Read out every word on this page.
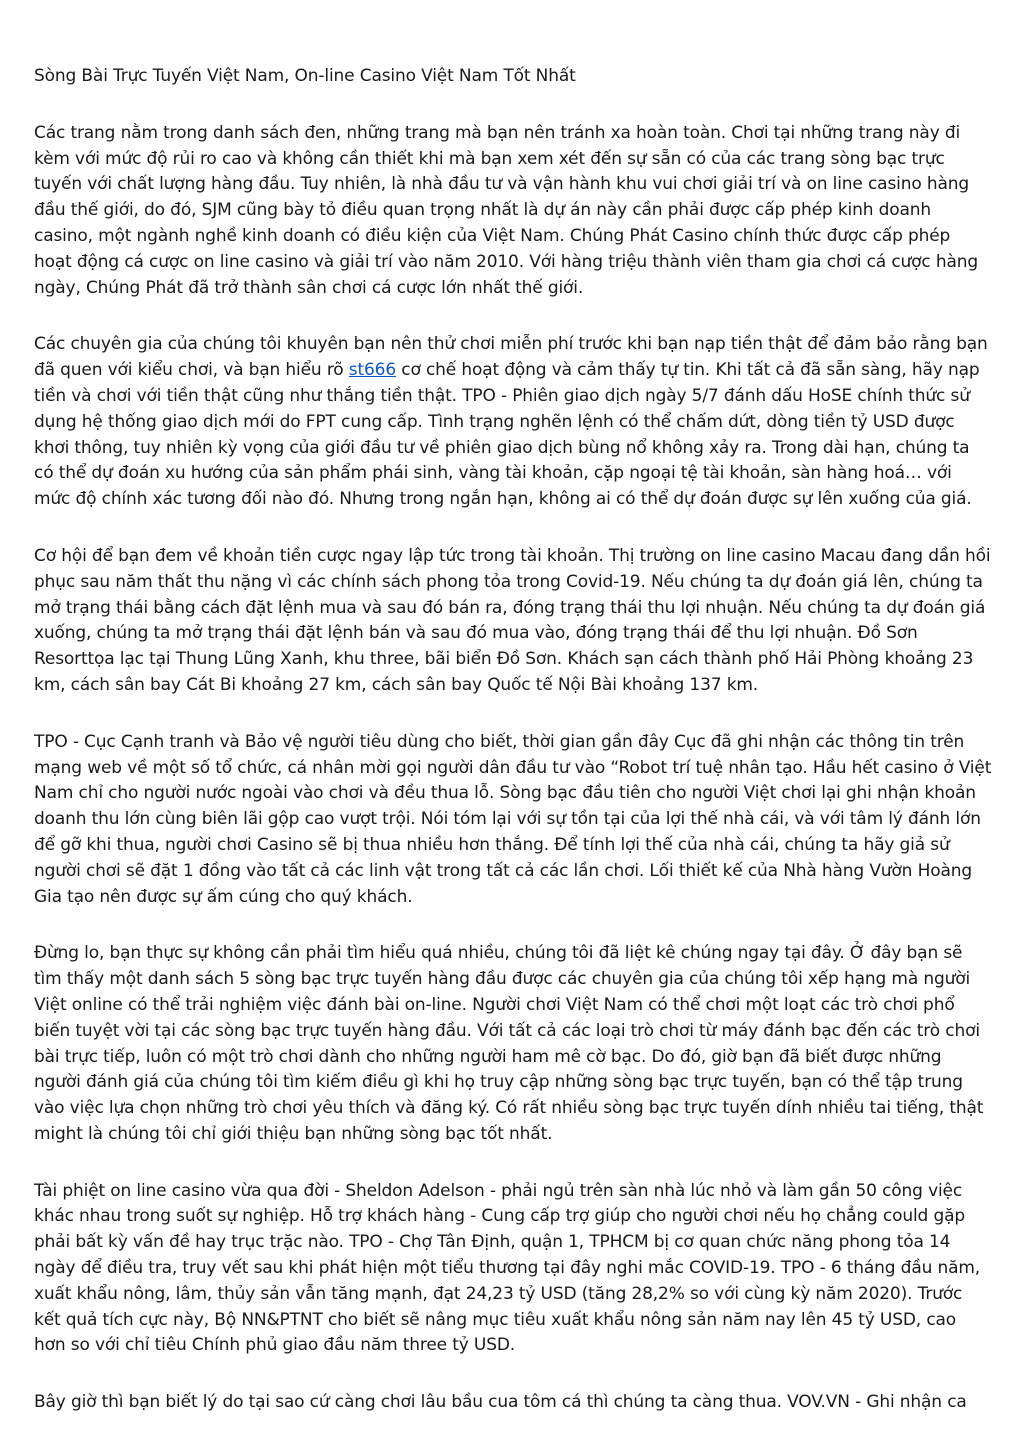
Sòng Bài Trực Tuyến Việt Nam, On-line Casino Việt Nam Tốt Nhất

Các trang nằm trong danh sách đen, những trang mà bạn nên tránh xa hoàn toàn. Chơi tại những trang này đi kèm với mức độ rủi ro cao và không cần thiết khi mà bạn xem xét đến sự sẵn có của các trang sòng bạc trực tuyến với chất lượng hàng đầu. Tuy nhiên, là nhà đầu tư và vận hành khu vui chơi giải trí và on line casino hàng đầu thế giới, do đó, SJM cũng bày tỏ điều quan trọng nhất là dự án này cần phải được cấp phép kinh doanh casino, một ngành nghề kinh doanh có điều kiện của Việt Nam. Chúng Phát Casino chính thức được cấp phép hoạt động cá cược on line casino và giải trí vào năm 2010. Với hàng triệu thành viên tham gia chơi cá cược hàng ngày, Chúng Phát đã trở thành sân chơi cá cược lớn nhất thế giới.

Các chuyên gia của chúng tôi khuyên bạn nên thử chơi miễn phí trước khi bạn nạp tiền thật để đảm bảo rằng bạn đã quen với kiểu chơi, và bạn hiểu rõ st666 cơ chế hoạt động và cảm thấy tự tin. Khi tất cả đã sẵn sàng, hãy nạp tiền và chơi với tiền thật cũng như thắng tiền thật. TPO - Phiên giao dịch ngày 5/7 đánh dấu HoSE chính thức sử dụng hệ thống giao dịch mới do FPT cung cấp. Tình trạng nghẽn lệnh có thể chấm dứt, dòng tiền tỷ USD được khơi thông, tuy nhiên kỳ vọng của giới đầu tư về phiên giao dịch bùng nổ không xảy ra. Trong dài hạn, chúng ta có thể dự đoán xu hướng của sản phẩm phái sinh, vàng tài khoản, cặp ngoại tệ tài khoản, sàn hàng hoá… với mức độ chính xác tương đối nào đó. Nhưng trong ngắn hạn, không ai có thể dự đoán được sự lên xuống của giá.

Cơ hội để bạn đem về khoản tiền cược ngay lập tức trong tài khoản. Thị trường on line casino Macau đang dần hồi phục sau năm thất thu nặng vì các chính sách phong tỏa trong Covid-19. Nếu chúng ta dự đoán giá lên, chúng ta mở trạng thái bằng cách đặt lệnh mua và sau đó bán ra, đóng trạng thái thu lợi nhuận. Nếu chúng ta dự đoán giá xuống, chúng ta mở trạng thái đặt lệnh bán và sau đó mua vào, đóng trạng thái để thu lợi nhuận. Đồ Sơn Resorttọa lạc tại Thung Lũng Xanh, khu three, bãi biển Đồ Sơn. Khách sạn cách thành phố Hải Phòng khoảng 23 km, cách sân bay Cát Bi khoảng 27 km, cách sân bay Quốc tế Nội Bài khoảng 137 km.

TPO - Cục Cạnh tranh và Bảo vệ người tiêu dùng cho biết, thời gian gần đây Cục đã ghi nhận các thông tin trên mạng web về một số tổ chức, cá nhân mời gọi người dân đầu tư vào “Robot trí tuệ nhân tạo. Hầu hết casino ở Việt Nam chỉ cho người nước ngoài vào chơi và đều thua lỗ. Sòng bạc đầu tiên cho người Việt chơi lại ghi nhận khoản doanh thu lớn cùng biên lãi gộp cao vượt trội. Nói tóm lại với sự tồn tại của lợi thế nhà cái, và với tâm lý đánh lớn để gỡ khi thua, người chơi Casino sẽ bị thua nhiều hơn thắng. Để tính lợi thế của nhà cái, chúng ta hãy giả sử người chơi sẽ đặt 1 đồng vào tất cả các linh vật trong tất cả các lần chơi. Lối thiết kế của Nhà hàng Vườn Hoàng Gia tạo nên được sự ấm cúng cho quý khách.

Đừng lo, bạn thực sự không cần phải tìm hiểu quá nhiều, chúng tôi đã liệt kê chúng ngay tại đây. Ở đây bạn sẽ tìm thấy một danh sách 5 sòng bạc trực tuyến hàng đầu được các chuyên gia của chúng tôi xếp hạng mà người Việt online có thể trải nghiệm việc đánh bài on-line. Người chơi Việt Nam có thể chơi một loạt các trò chơi phổ biến tuyệt vời tại các sòng bạc trực tuyến hàng đầu. Với tất cả các loại trò chơi từ máy đánh bạc đến các trò chơi bài trực tiếp, luôn có một trò chơi dành cho những người ham mê cờ bạc. Do đó, giờ bạn đã biết được những người đánh giá của chúng tôi tìm kiếm điều gì khi họ truy cập những sòng bạc trực tuyến, bạn có thể tập trung vào việc lựa chọn những trò chơi yêu thích và đăng ký. Có rất nhiều sòng bạc trực tuyến dính nhiều tai tiếng, thật might là chúng tôi chỉ giới thiệu bạn những sòng bạc tốt nhất.

Tài phiệt on line casino vừa qua đời - Sheldon Adelson - phải ngủ trên sàn nhà lúc nhỏ và làm gần 50 công việc khác nhau trong suốt sự nghiệp. Hỗ trợ khách hàng - Cung cấp trợ giúp cho người chơi nếu họ chẳng could gặp phải bất kỳ vấn đề hay trục trặc nào. TPO - Chợ Tân Định, quận 1, TPHCM bị cơ quan chức năng phong tỏa 14 ngày để điều tra, truy vết sau khi phát hiện một tiểu thương tại đây nghi mắc COVID-19. TPO - 6 tháng đầu năm, xuất khẩu nông, lâm, thủy sản vẫn tăng mạnh, đạt 24,23 tỷ USD (tăng 28,2% so với cùng kỳ năm 2020). Trước kết quả tích cực này, Bộ NN&PTNT cho biết sẽ nâng mục tiêu xuất khẩu nông sản năm nay lên 45 tỷ USD, cao hơn so với chỉ tiêu Chính phủ giao đầu năm three tỷ USD.

Bây giờ thì bạn biết lý do tại sao cứ càng chơi lâu bầu cua tôm cá thì chúng ta càng thua. VOV.VN - Ghi nhận ca
